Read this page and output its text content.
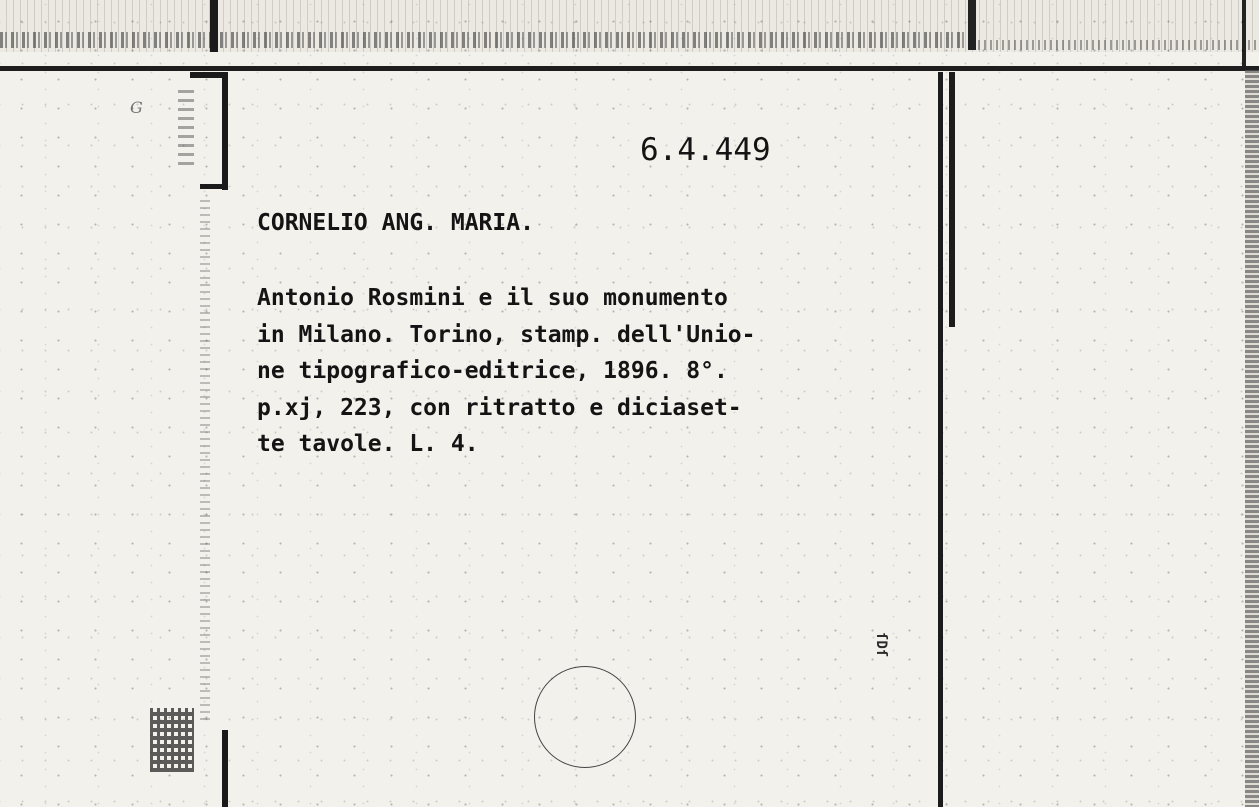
G
6.4.449
CORNELIO ANG. MARIA.
Antonio Rosmini e il suo monumento
in Milano. Torino, stamp. dell'Unio-
ne tipografico-editrice, 1896. 8°.
p.xj, 223, con ritratto e diciaset-
te tavole. L. 4.
ſDſ
